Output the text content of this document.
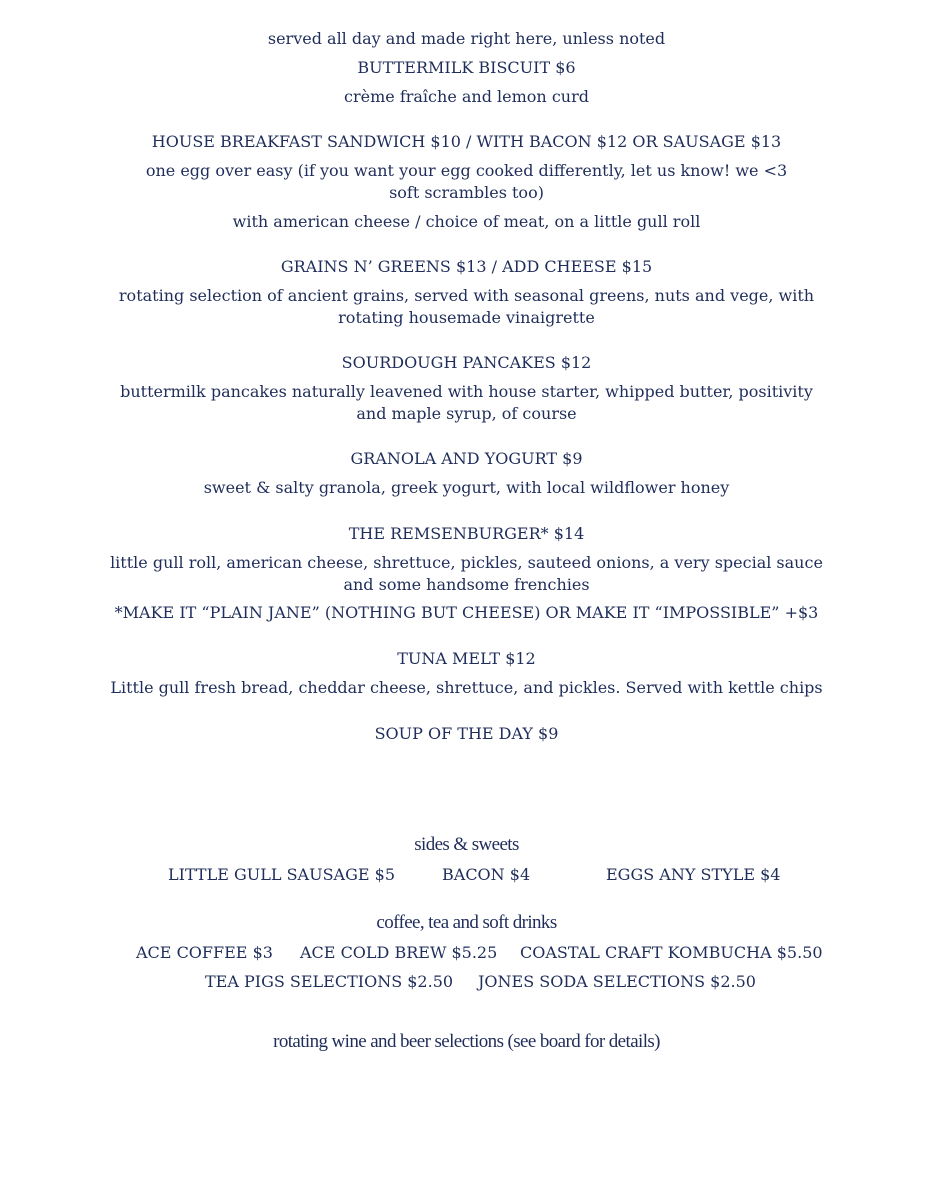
served all day and made right here, unless noted
BUTTERMILK BISCUIT $6
crème fraîche and lemon curd
HOUSE BREAKFAST SANDWICH $10 / WITH BACON $12 OR SAUSAGE $13
one egg over easy (if you want your egg cooked differently, let us know! we <3 soft scrambles too)
with american cheese / choice of meat, on a little gull roll
GRAINS N’ GREENS $13 / ADD CHEESE $15
rotating selection of ancient grains, served with seasonal greens, nuts and vege, with rotating housemade vinaigrette
SOURDOUGH PANCAKES $12
buttermilk pancakes naturally leavened with house starter, whipped butter, positivity and maple syrup, of course
GRANOLA AND YOGURT $9
sweet & salty granola, greek yogurt, with local wildflower honey
THE REMSENBURGER* $14
little gull roll, american cheese, shrettuce, pickles, sauteed onions, a very special sauce and some handsome frenchies
*MAKE IT “PLAIN JANE” (NOTHING BUT CHEESE) OR MAKE IT “IMPOSSIBLE” +$3
TUNA MELT $12
Little gull fresh bread, cheddar cheese, shrettuce, and pickles. Served with kettle chips
SOUP OF THE DAY $9
sides & sweets
LITTLE GULL SAUSAGE $5	BACON $4	EGGS ANY STYLE $4
coffee, tea and soft drinks
ACE COFFEE $3 ACE COLD BREW $5.25 COASTAL CRAFT KOMBUCHA $5.50
TEA PIGS SELECTIONS $2.50 JONES SODA SELECTIONS $2.50
rotating wine and beer selections (see board for details)
